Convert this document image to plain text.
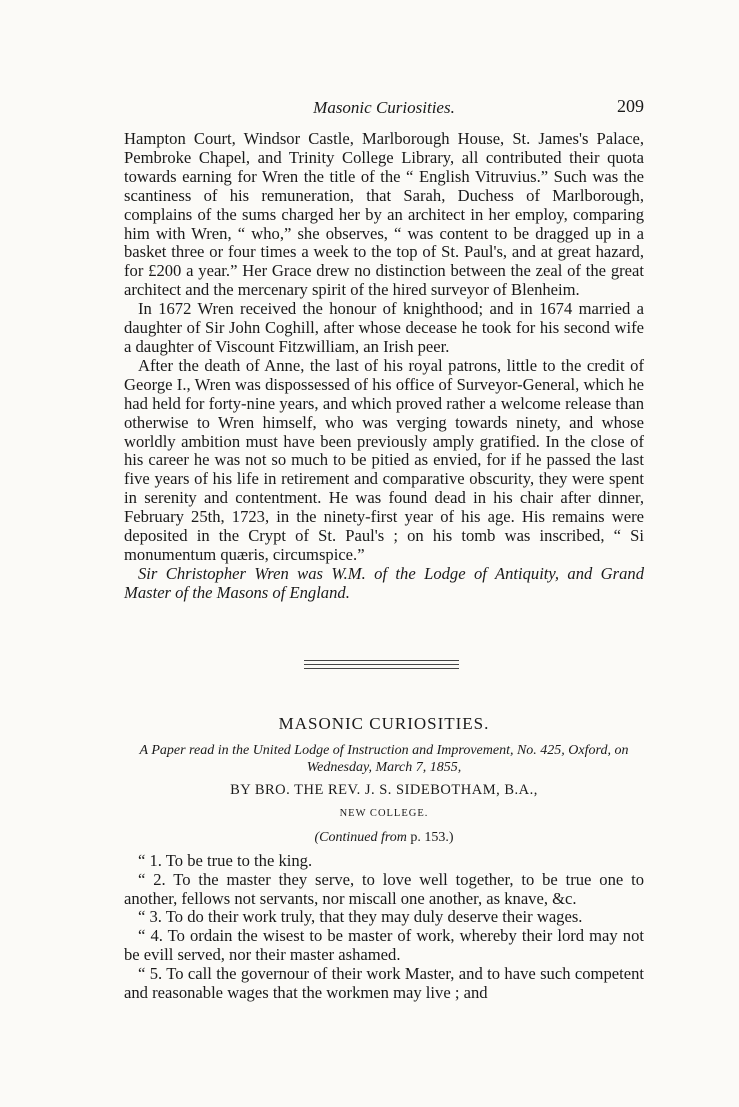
Masonic Curiosities.	209

Hampton Court, Windsor Castle, Marlborough House, St. James's Palace, Pembroke Chapel, and Trinity College Library, all contributed their quota towards earning for Wren the title of the “ English Vitruvius.” Such was the scantiness of his remuneration, that Sarah, Duchess of Marlborough, complains of the sums charged her by an architect in her employ, comparing him with Wren, “ who,” she observes, “ was content to be dragged up in a basket three or four times a week to the top of St. Paul's, and at great hazard, for £200 a year.” Her Grace drew no distinction between the zeal of the great architect and the mercenary spirit of the hired surveyor of Blenheim.

In 1672 Wren received the honour of knighthood; and in 1674 married a daughter of Sir John Coghill, after whose decease he took for his second wife a daughter of Viscount Fitzwilliam, an Irish peer.

After the death of Anne, the last of his royal patrons, little to the credit of George I., Wren was dispossessed of his office of Surveyor-General, which he had held for forty-nine years, and which proved rather a welcome release than otherwise to Wren himself, who was verging towards ninety, and whose worldly ambition must have been previously amply gratified. In the close of his career he was not so much to be pitied as envied, for if he passed the last five years of his life in retirement and comparative obscurity, they were spent in serenity and contentment. He was found dead in his chair after dinner, February 25th, 1723, in the ninety-first year of his age. His remains were deposited in the Crypt of St. Paul's ; on his tomb was inscribed, “ Si monumentum quæris, circumspice.”

Sir Christopher Wren was W.M. of the Lodge of Antiquity, and Grand Master of the Masons of England.

MASONIC CURIOSITIES.
A Paper read in the United Lodge of Instruction and Improvement, No. 425, Oxford, on Wednesday, March 7, 1855,
BY BRO. THE REV. J. S. SIDEBOTHAM, B.A.,
NEW COLLEGE.
(Continued from p. 153.)

“ 1. To be true to the king.

“ 2. To the master they serve, to love well together, to be true one to another, fellows not servants, nor miscall one another, as knave, &c.

“ 3. To do their work truly, that they may duly deserve their wages.

“ 4. To ordain the wisest to be master of work, whereby their lord may not be evill served, nor their master ashamed.

“ 5. To call the governour of their work Master, and to have such competent and reasonable wages that the workmen may live ; and
